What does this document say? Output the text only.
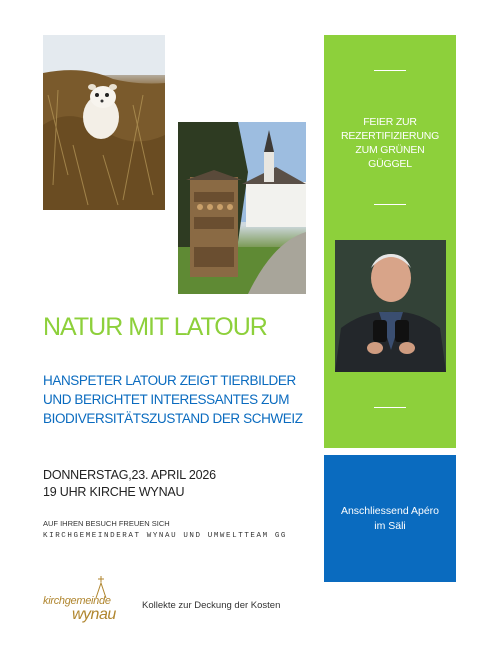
FEIER ZUR
REZERTIFIZIERUNG
ZUM GRÜNEN
GÜGGEL
Anschliessend Apéro
im Säli
NATUR MIT LATOUR
HANSPETER LATOUR ZEIGT TIERBILDER
UND BERICHTET INTERESSANTES ZUM
BIODIVERSITÄTSZUSTAND DER SCHWEIZ
DONNERSTAG,23. APRIL 2026
19 UHR KIRCHE WYNAU
AUF IHREN BESUCH FREUEN SICH
KIRCHGEMEINDERAT WYNAU UND UMWELTTEAM GG
kirchgemeinde
wynau
Kollekte zur Deckung der Kosten
